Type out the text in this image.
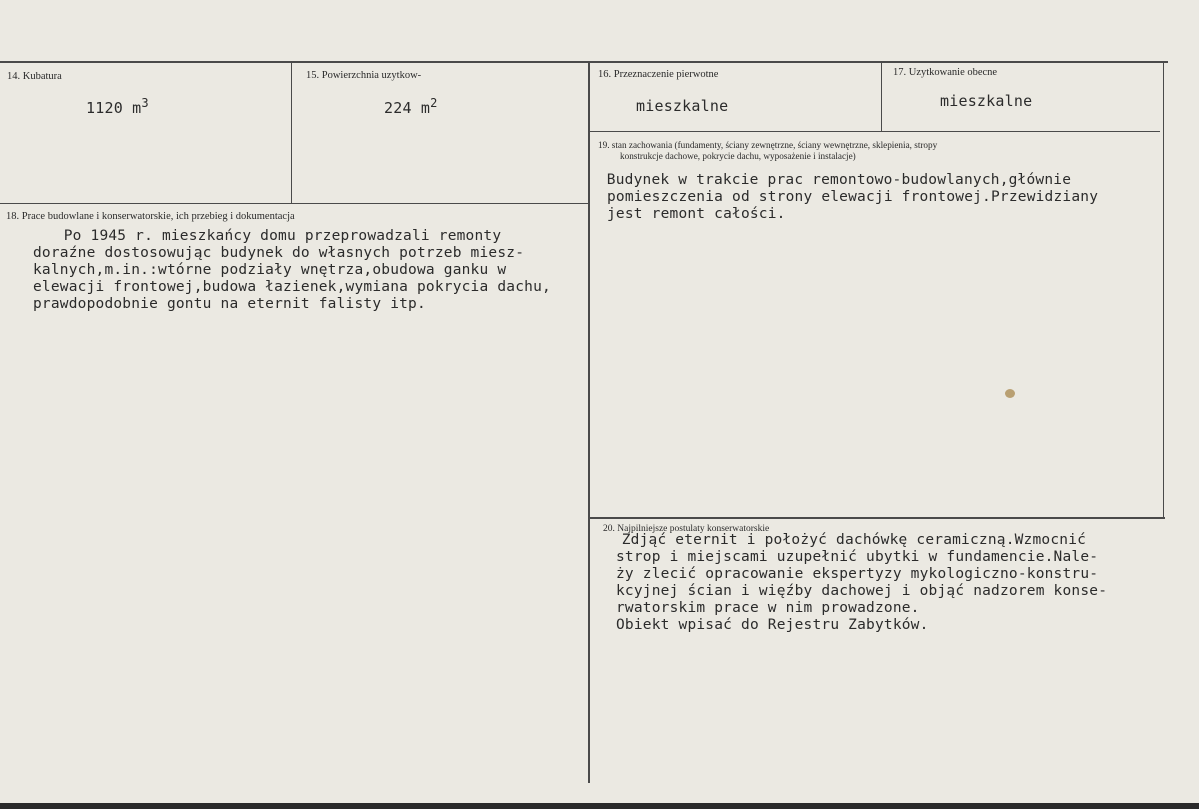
14. Kubatura
1120 $m^3$
15. Powierzchnia uzytkow-
224 $m^2$
16. Przeznaczenie pierwotne
mieszkalne
17. Uzytkowanie obecne
mieszkalne
19. stan zachowania (fundamenty, ściany zewnętrzne, ściany wewnętrzne, sklepienia, stropy
konstrukcje dachowe, pokrycie dachu, wyposażenie i instalacje)
Budynek w trakcie prac remontowo-budowlanych,głównie
pomieszczenia od strony elewacji frontowej.Przewidziany
jest remont całości.
18. Prace budowlane i konserwatorskie, ich przebieg i dokumentacja
Po 1945 r. mieszkańcy domu przeprowadzali remonty
doraźne dostosowując budynek do własnych potrzeb miesz-
kalnych,m.in.:wtórne podziały wnętrza,obudowa ganku w
elewacji frontowej,budowa łazienek,wymiana pokrycia dachu,
prawdopodobnie gontu na eternit falisty itp.
20. Najpilniejsze postulaty konserwatorskie
Zdjąć eternit i położyć dachówkę ceramiczną.Wzmocnić
strop i miejscami uzupełnić ubytki w fundamencie.Nale-
ży zlecić opracowanie ekspertyzy mykologiczno-konstru-
kcyjnej ścian i więźby dachowej i objąć nadzorem konse-
rwatorskim prace w nim prowadzone.
Obiekt wpisać do Rejestru Zabytków.
